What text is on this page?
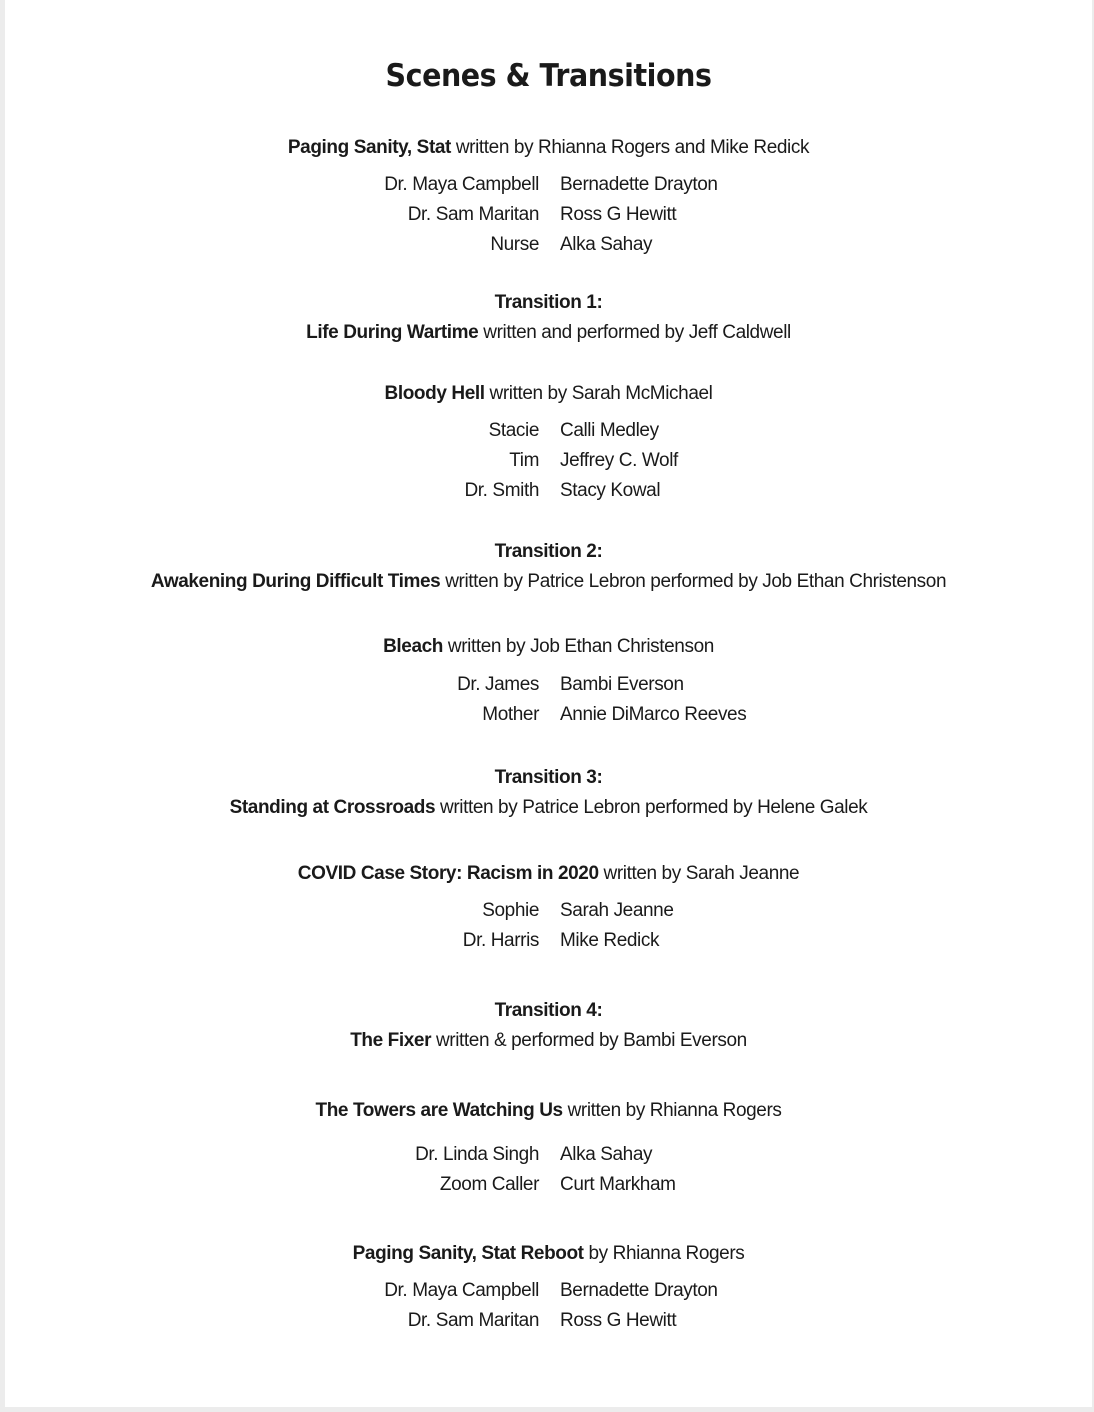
Scenes & Transitions
Paging Sanity, Stat written by Rhianna Rogers and Mike Redick
Dr. Maya Campbell Bernadette Drayton
Dr. Sam Maritan Ross G Hewitt
Nurse Alka Sahay
Transition 1:
Life During Wartime written and performed by Jeff Caldwell
Bloody Hell written by Sarah McMichael
Stacie Calli Medley
Tim Jeffrey C. Wolf
Dr. Smith Stacy Kowal
Transition 2:
Awakening During Difficult Times written by Patrice Lebron performed by Job Ethan Christenson
Bleach written by Job Ethan Christenson
Dr. James Bambi Everson
Mother Annie DiMarco Reeves
Transition 3:
Standing at Crossroads written by Patrice Lebron performed by Helene Galek
COVID Case Story: Racism in 2020 written by Sarah Jeanne
Sophie Sarah Jeanne
Dr. Harris Mike Redick
Transition 4:
The Fixer written & performed by Bambi Everson
The Towers are Watching Us written by Rhianna Rogers
Dr. Linda Singh Alka Sahay
Zoom Caller Curt Markham
Paging Sanity, Stat Reboot by Rhianna Rogers
Dr. Maya Campbell Bernadette Drayton
Dr. Sam Maritan Ross G Hewitt
